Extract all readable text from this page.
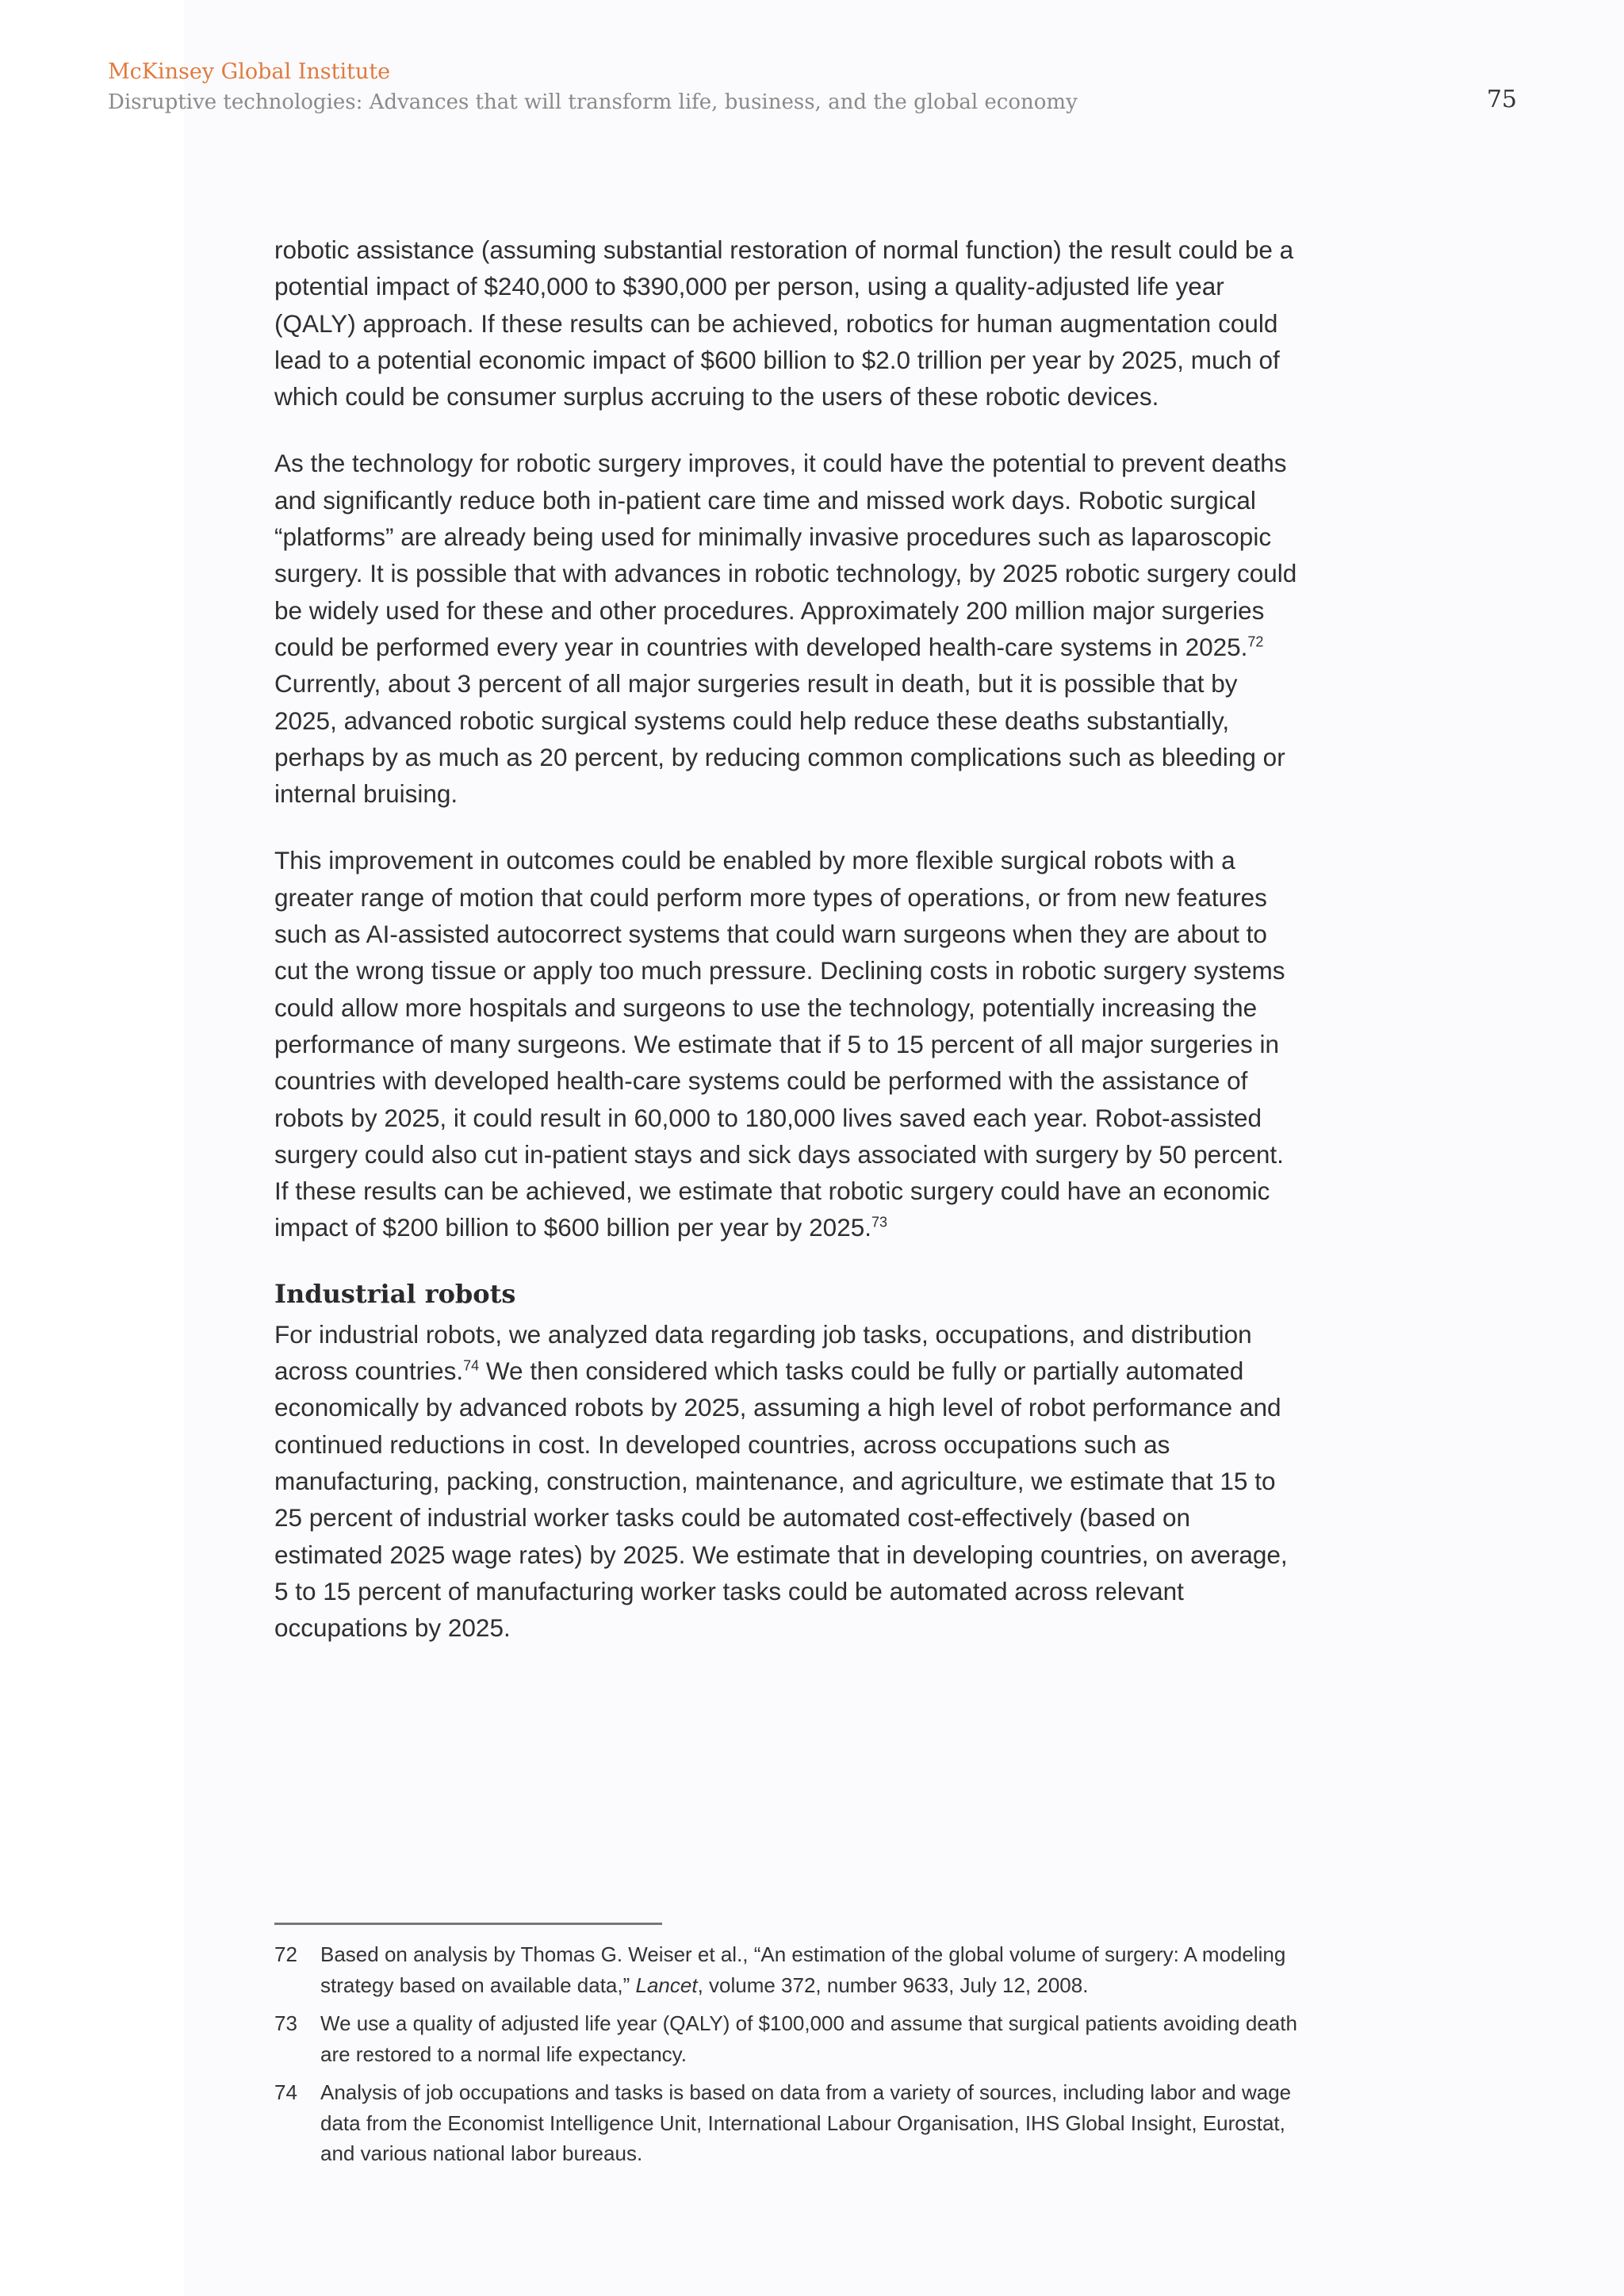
McKinsey Global Institute
Disruptive technologies: Advances that will transform life, business, and the global economy	75

robotic assistance (assuming substantial restoration of normal function) the result could be a potential impact of $240,000 to $390,000 per person, using a quality-adjusted life year (QALY) approach. If these results can be achieved, robotics for human augmentation could lead to a potential economic impact of $600 billion to $2.0 trillion per year by 2025, much of which could be consumer surplus accruing to the users of these robotic devices.

As the technology for robotic surgery improves, it could have the potential to prevent deaths and significantly reduce both in-patient care time and missed work days. Robotic surgical “platforms” are already being used for minimally invasive procedures such as laparoscopic surgery. It is possible that with advances in robotic technology, by 2025 robotic surgery could be widely used for these and other procedures. Approximately 200 million major surgeries could be performed every year in countries with developed health-care systems in 2025.72 Currently, about 3 percent of all major surgeries result in death, but it is possible that by 2025, advanced robotic surgical systems could help reduce these deaths substantially, perhaps by as much as 20 percent, by reducing common complications such as bleeding or internal bruising.

This improvement in outcomes could be enabled by more flexible surgical robots with a greater range of motion that could perform more types of operations, or from new features such as AI-assisted autocorrect systems that could warn surgeons when they are about to cut the wrong tissue or apply too much pressure. Declining costs in robotic surgery systems could allow more hospitals and surgeons to use the technology, potentially increasing the performance of many surgeons. We estimate that if 5 to 15 percent of all major surgeries in countries with developed health-care systems could be performed with the assistance of robots by 2025, it could result in 60,000 to 180,000 lives saved each year. Robot-assisted surgery could also cut in-patient stays and sick days associated with surgery by 50 percent. If these results can be achieved, we estimate that robotic surgery could have an economic impact of $200 billion to $600 billion per year by 2025.73

Industrial robots

For industrial robots, we analyzed data regarding job tasks, occupations, and distribution across countries.$^{74}$ We then considered which tasks could be fully or partially automated economically by advanced robots by 2025, assuming a high level of robot performance and continued reductions in cost. In developed countries, across occupations such as manufacturing, packing, construction, maintenance, and agriculture, we estimate that 15 to 25 percent of industrial worker tasks could be automated cost-effectively (based on estimated 2025 wage rates) by 2025. We estimate that in developing countries, on average, 5 to 15 percent of manufacturing worker tasks could be automated across relevant occupations by 2025.

72	Based on analysis by Thomas G. Weiser et al., “An estimation of the global volume of surgery: A modeling strategy based on available data,” Lancet, volume 372, number 9633, July 12, 2008.
73	We use a quality of adjusted life year (QALY) of $100,000 and assume that surgical patients avoiding death are restored to a normal life expectancy.
74	Analysis of job occupations and tasks is based on data from a variety of sources, including labor and wage data from the Economist Intelligence Unit, International Labour Organisation, IHS Global Insight, Eurostat, and various national labor bureaus.
